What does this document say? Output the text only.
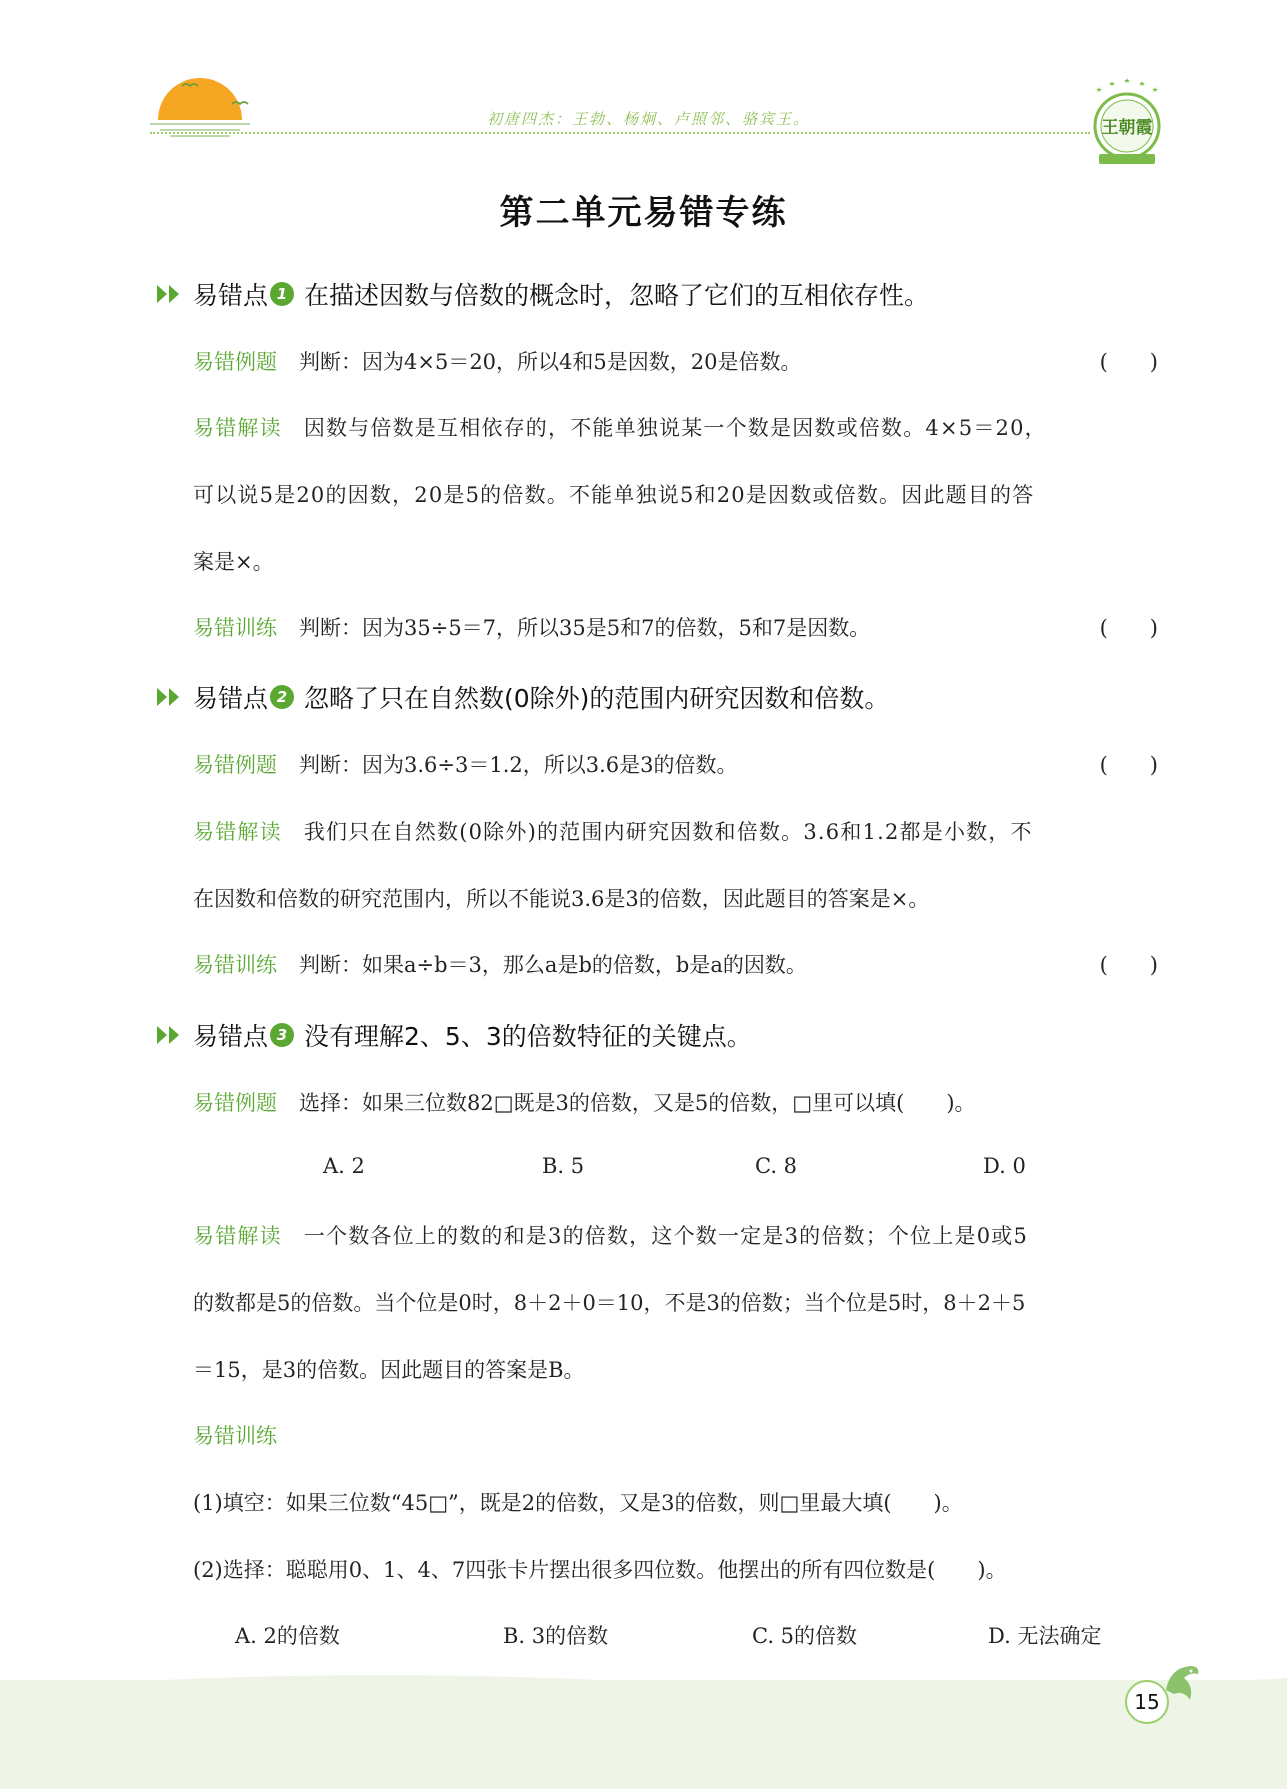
初唐四杰：王勃、杨炯、卢照邻、骆宾王。	王朝霞
第二单元易错专练
易错点 1 在描述因数与倍数的概念时，忽略了它们的互相依存性。
易错例题 判断：因为4×5＝20，所以4和5是因数，20是倍数。	(　　)
易错解读 因数与倍数是互相依存的，不能单独说某一个数是因数或倍数。4×5＝20，
可以说5是20的因数，20是5的倍数。不能单独说5和20是因数或倍数。因此题目的答
案是×。
易错训练 判断：因为35÷5＝7，所以35是5和7的倍数，5和7是因数。	(　　)
易错点 2 忽略了只在自然数(0除外)的范围内研究因数和倍数。
易错例题 判断：因为3.6÷3＝1.2，所以3.6是3的倍数。	(　　)
易错解读 我们只在自然数(0除外)的范围内研究因数和倍数。3.6和1.2都是小数，不
在因数和倍数的研究范围内，所以不能说3.6是3的倍数，因此题目的答案是×。
易错训练 判断：如果a÷b＝3，那么a是b的倍数，b是a的因数。	(　　)
易错点 3 没有理解2、5、3的倍数特征的关键点。
易错例题 选择：如果三位数82□既是3的倍数，又是5的倍数，□里可以填(　　)。
A. 2	B. 5	C. 8	D. 0
易错解读 一个数各位上的数的和是3的倍数，这个数一定是3的倍数；个位上是0或5
的数都是5的倍数。当个位是0时，8＋2＋0＝10，不是3的倍数；当个位是5时，8＋2＋5
＝15，是3的倍数。因此题目的答案是B。
易错训练
(1)填空：如果三位数“45□”，既是2的倍数，又是3的倍数，则□里最大填(　　)。
(2)选择：聪聪用0、1、4、7四张卡片摆出很多四位数。他摆出的所有四位数是(　　)。
A. 2的倍数	B. 3的倍数	C. 5的倍数	D. 无法确定
15
